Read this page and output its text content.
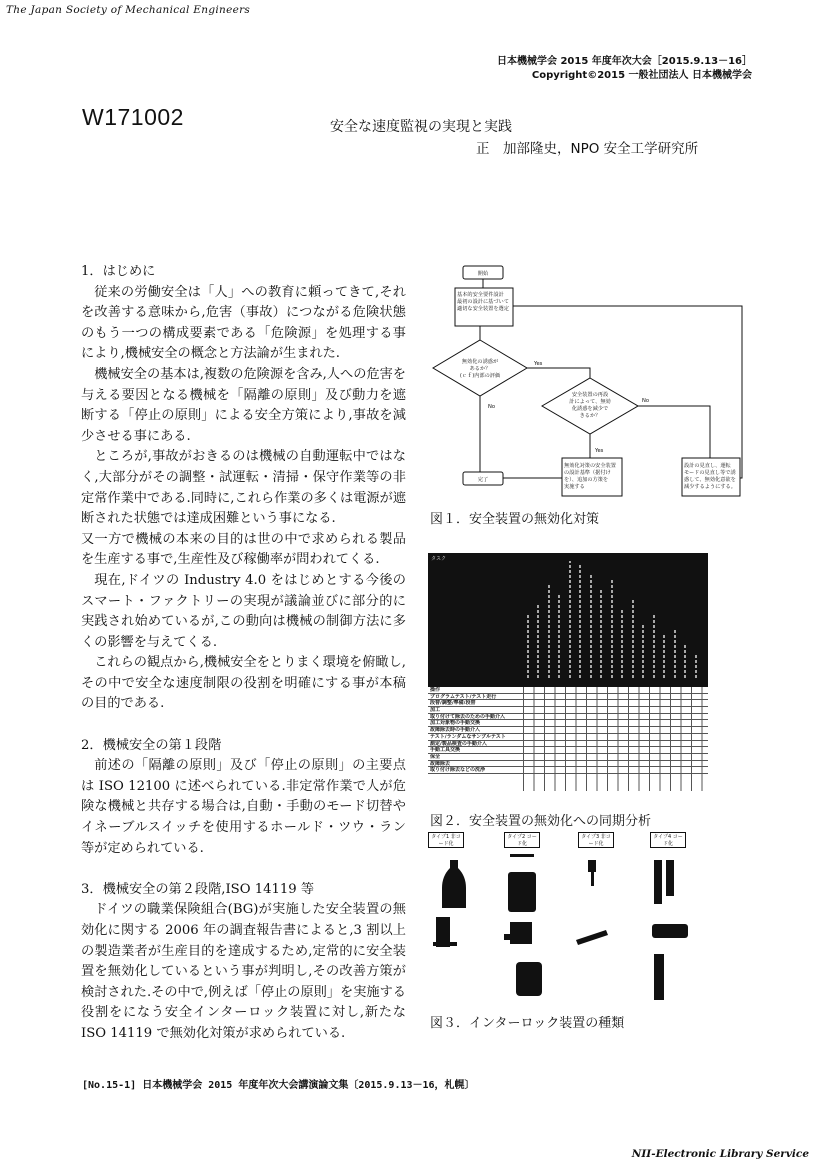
The Japan Society of Mechanical Engineers
日本機械学会 2015 年度年次大会［2015.9.13－16］
Copyright©2015 一般社団法人 日本機械学会
W171002	安全な速度監視の実現と実践
正　加部隆史，NPO 安全工学研究所
1．はじめに

従来の労働安全は「人」への教育に頼ってきて,それを改善する意味から,危害（事故）につながる危険状態のもう一つの構成要素である「危険源」を処理する事により,機械安全の概念と方法論が生まれた.

機械安全の基本は,複数の危険源を含み,人への危害を与える要因となる機械を「隔離の原則」及び動力を遮断する「停止の原則」による安全方策により,事故を減少させる事にある.

ところが,事故がおきるのは機械の自動運転中ではなく,大部分がその調整・試運転・清掃・保守作業等の非定常作業中である.同時に,これら作業の多くは電源が遮断された状態では達成困難という事になる.

又一方で機械の本来の目的は世の中で求められる製品を生産する事で,生産性及び稼働率が問われてくる.

現在,ドイツの Industry 4.0 をはじめとする今後のスマート・ファクトリーの実現が議論並びに部分的に実践され始めているが,この動向は機械の制御方法に多くの影響を与えてくる.

これらの観点から,機械安全をとりまく環境を俯瞰し,その中で安全な速度制限の役割を明確にする事が本稿の目的である.

2．機械安全の第１段階

前述の「隔離の原則」及び「停止の原則」の主要点は ISO 12100 に述べられている.非定常作業で人が危険な機械と共存する場合は,自動・手動のモード切替やイネーブルスイッチを使用するホールド・ツウ・ラン等が定められている.

3．機械安全の第２段階,ISO 14119 等

ドイツの職業保険組合(BG)が実施した安全装置の無効化に関する 2006 年の調査報告書によると,3 割以上の製造業者が生産目的を達成するため,定常的に安全装置を無効化しているという事が判明し,その改善方策が検討された.その中で,例えば「停止の原則」を実施する役割をになう安全インターロック装置に対し,新たな ISO 14119 で無効化対策が求められている.

開始
基本的安全要件設計
最初の設計に基づいて
適切な安全装置を選定
無効化の誘惑が
あるか？
(ｃｆ)内部の評価
安全装置の再設
計によって、無効
化誘惑を減少で
きるか？
無効化対策の安全装置
の設計基準（据付け
を）、追加の方策を
実施する
設計の見直し、運転
モードの見直し等で誘
惑して、無効化意欲を
減少するようにする。
完了
Yes
No
Yes
No
図１．安全装置の無効化対策
タスク
操作
プログラムテスト/テスト走行
段替/調整/準備/段替
加工
取り付けて除去のための手動介入
加工対象物の手動交換
故障除去時の手動介入
テスト/ランダムなサンプルテスト
測定/製品検査の手動介入
手動工具交換
保全
故障除去
取り付け除去などの洗浄
図２．安全装置の無効化への同期分析
タイプ1 非コード化
タイプ2 コード化
タイプ3 非コード化
タイプ4 コード化
図３．インターロック装置の種類
[No.15-1] 日本機械学会 2015 年度年次大会講演論文集〔2015.9.13－16，札幌〕
NII-Electronic Library Service
